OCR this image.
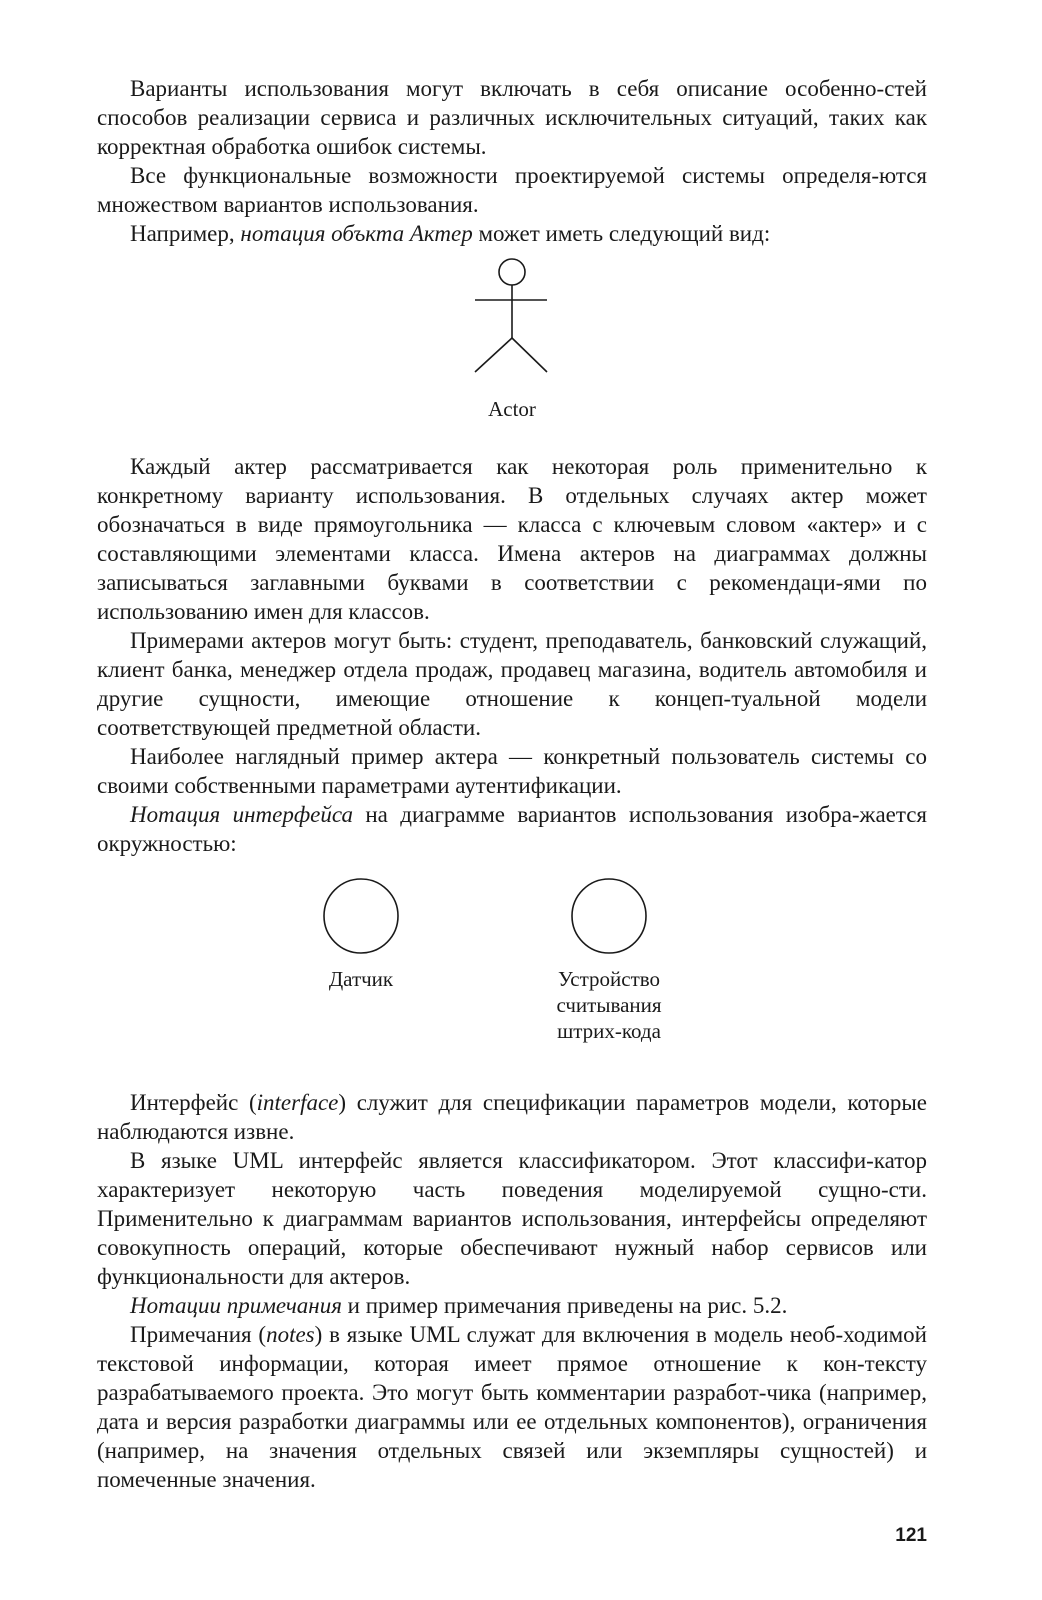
Варианты использования могут включать в себя описание особенно-стей способов реализации сервиса и различных исключительных ситуаций, таких как корректная обработка ошибок системы.

Все функциональные возможности проектируемой системы определя-ются множеством вариантов использования.

Например, нотация объкта Актер может иметь следующий вид:

Actor

Каждый актер рассматривается как некоторая роль применительно к конкретному варианту использования. В отдельных случаях актер может обозначаться в виде прямоугольника — класса с ключевым словом «актер» и с составляющими элементами класса. Имена актеров на диаграммах должны записываться заглавными буквами в соответствии с рекомендаци-ями по использованию имен для классов.

Примерами актеров могут быть: студент, преподаватель, банковский служащий, клиент банка, менеджер отдела продаж, продавец магазина, водитель автомобиля и другие сущности, имеющие отношение к концеп-туальной модели соответствующей предметной области.

Наиболее наглядный пример актера — конкретный пользователь системы со своими собственными параметрами аутентификации.

Нотация интерфейса на диаграмме вариантов использования изобра-жается окружностью:

Датчик	Устройство
считывания
штрих-кода

Интерфейс (interface) служит для спецификации параметров модели, которые наблюдаются извне.

В языке UML интерфейс является классификатором. Этот классифи-катор характеризует некоторую часть поведения моделируемой сущно-сти. Применительно к диаграммам вариантов использования, интерфейсы определяют совокупность операций, которые обеспечивают нужный набор сервисов или функциональности для актеров.

Нотации примечания и пример примечания приведены на рис. 5.2.

Примечания (notes) в языке UML служат для включения в модель необ-ходимой текстовой информации, которая имеет прямое отношение к кон-тексту разрабатываемого проекта. Это могут быть комментарии разработ-чика (например, дата и версия разработки диаграммы или ее отдельных компонентов), ограничения (например, на значения отдельных связей или экземпляры сущностей) и помеченные значения.

121
